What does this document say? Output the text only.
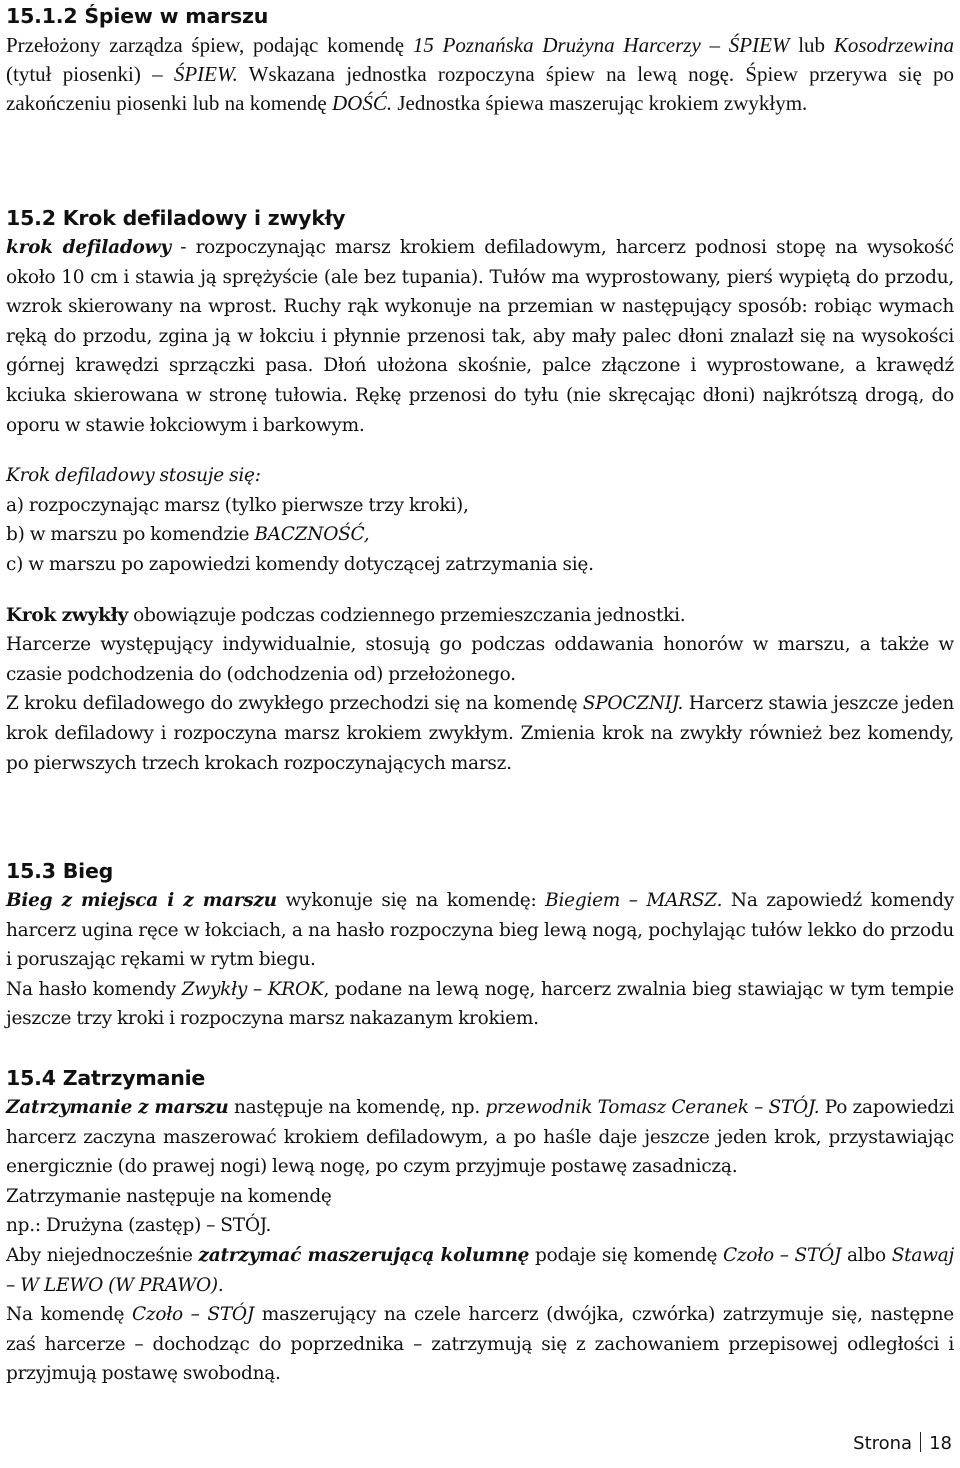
15.1.2 Śpiew w marszu

Przełożony zarządza śpiew, podając komendę 15 Poznańska Drużyna Harcerzy – ŚPIEW lub Kosodrzewina (tytuł piosenki) – ŚPIEW. Wskazana jednostka rozpoczyna śpiew na lewą nogę. Śpiew przerywa się po zakończeniu piosenki lub na komendę DOŚĆ. Jednostka śpiewa maszerując krokiem zwykłym.

15.2 Krok defiladowy i zwykły

krok defiladowy - rozpoczynając marsz krokiem defiladowym, harcerz podnosi stopę na wysokość około 10 cm i stawia ją sprężyście (ale bez tupania). Tułów ma wyprostowany, pierś wypiętą do przodu, wzrok skierowany na wprost. Ruchy rąk wykonuje na przemian w następujący sposób: robiąc wymach ręką do przodu, zgina ją w łokciu i płynnie przenosi tak, aby mały palec dłoni znalazł się na wysokości górnej krawędzi sprzączki pasa. Dłoń ułożona skośnie, palce złączone i wyprostowane, a krawędź kciuka skierowana w stronę tułowia. Rękę przenosi do tyłu (nie skręcając dłoni) najkrótszą drogą, do oporu w stawie łokciowym i barkowym.

Krok defiladowy stosuje się:

a) rozpoczynając marsz (tylko pierwsze trzy kroki),
b) w marszu po komendzie BACZNOŚĆ,
c) w marszu po zapowiedzi komendy dotyczącej zatrzymania się.

Krok zwykły obowiązuje podczas codziennego przemieszczania jednostki.
Harcerze występujący indywidualnie, stosują go podczas oddawania honorów w marszu, a także w czasie podchodzenia do (odchodzenia od) przełożonego.
Z kroku defiladowego do zwykłego przechodzi się na komendę SPOCZNIJ. Harcerz stawia jeszcze jeden krok defiladowy i rozpoczyna marsz krokiem zwykłym. Zmienia krok na zwykły również bez komendy, po pierwszych trzech krokach rozpoczynających marsz.

15.3 Bieg

Bieg z miejsca i z marszu wykonuje się na komendę: Biegiem – MARSZ. Na zapowiedź komendy harcerz ugina ręce w łokciach, a na hasło rozpoczyna bieg lewą nogą, pochylając tułów lekko do przodu i poruszając rękami w rytm biegu.

Na hasło komendy Zwykły – KROK, podane na lewą nogę, harcerz zwalnia bieg stawiając w tym tempie jeszcze trzy kroki i rozpoczyna marsz nakazanym krokiem.

15.4 Zatrzymanie

Zatrzymanie z marszu następuje na komendę, np. przewodnik Tomasz Ceranek – STÓJ. Po zapowiedzi harcerz zaczyna maszerować krokiem defiladowym, a po haśle daje jeszcze jeden krok, przystawiając energicznie (do prawej nogi) lewą nogę, po czym przyjmuje postawę zasadniczą.

Zatrzymanie następuje na komendę

np.: Drużyna (zastęp) – STÓJ.

Aby niejednocześnie zatrzymać maszerującą kolumnę podaje się komendę Czoło – STÓJ albo Stawaj – W LEWO (W PRAWO).

Na komendę Czoło – STÓJ maszerujący na czele harcerz (dwójka, czwórka) zatrzymuje się, następne zaś harcerze – dochodząc do poprzednika – zatrzymują się z zachowaniem przepisowej odległości i przyjmują postawę swobodną.

Strona 18
